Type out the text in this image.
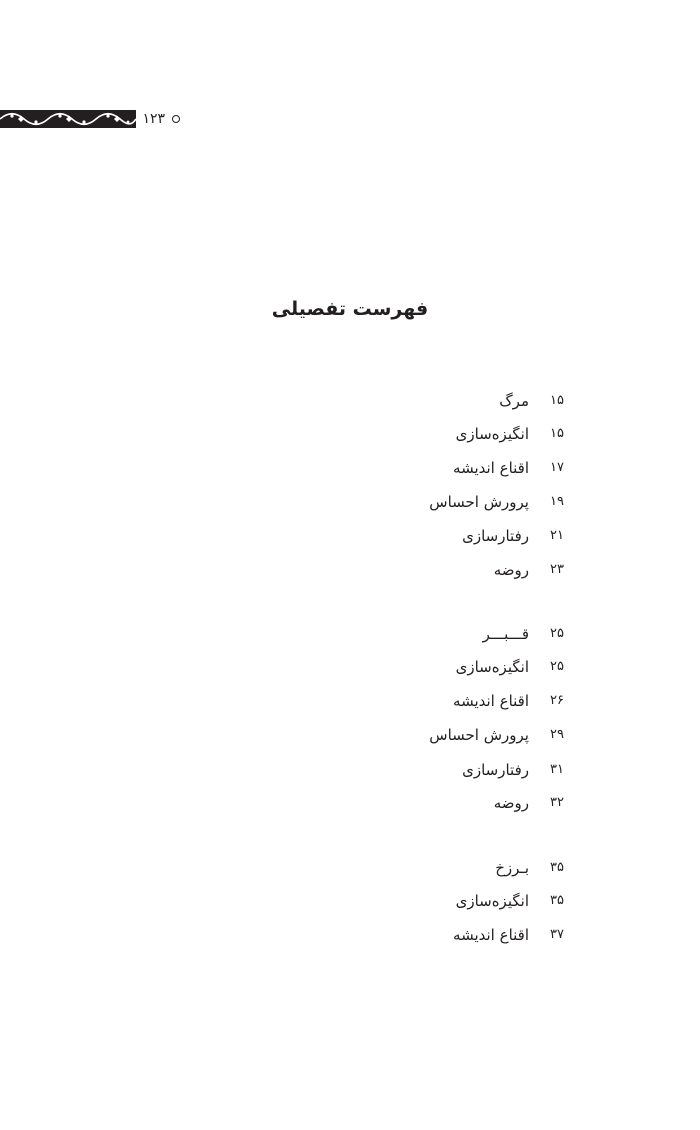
۱۲۳
فهرست تفصیلی
۱۵
مرگ
۱۵
انگیزه‌سازی
۱۷
اقناع اندیشه
۱۹
پرورش احساس
۲۱
رفتارسازی
۲۳
روضه
۲۵
قـــبـــر
۲۵
انگیزه‌سازی
۲۶
اقناع اندیشه
۲۹
پرورش احساس
۳۱
رفتارسازی
۳۲
روضه
۳۵
بـرزخ
۳۵
انگیزه‌سازی
۳۷
اقناع اندیشه
